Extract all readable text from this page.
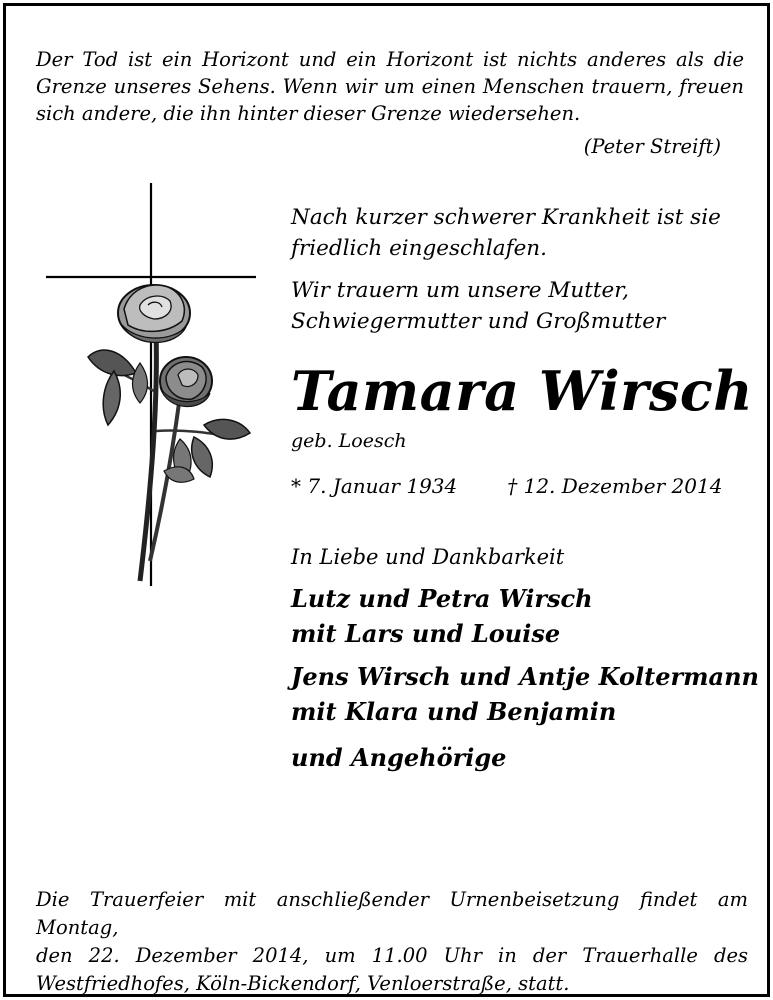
Der Tod ist ein Horizont und ein Horizont ist nichts anderes als die
Grenze unseres Sehens. Wenn wir um einen Menschen trauern, freuen
sich andere, die ihn hinter dieser Grenze wiedersehen.
(Peter Streift)

Nach kurzer schwerer Krankheit ist sie
friedlich eingeschlafen.

Wir trauern um unsere Mutter,
Schwiegermutter und Großmutter

Tamara Wirsch

geb. Loesch

* 7. Januar 1934	† 12. Dezember 2014

In Liebe und Dankbarkeit

Lutz und Petra Wirsch
mit Lars und Louise

Jens Wirsch und Antje Koltermann
mit Klara und Benjamin

und Angehörige

Die Trauerfeier mit anschließender Urnenbeisetzung findet am Montag,
den 22. Dezember 2014, um 11.00 Uhr in der Trauerhalle des
Westfriedhofes, Köln-Bickendorf, Venloerstraße, statt.
